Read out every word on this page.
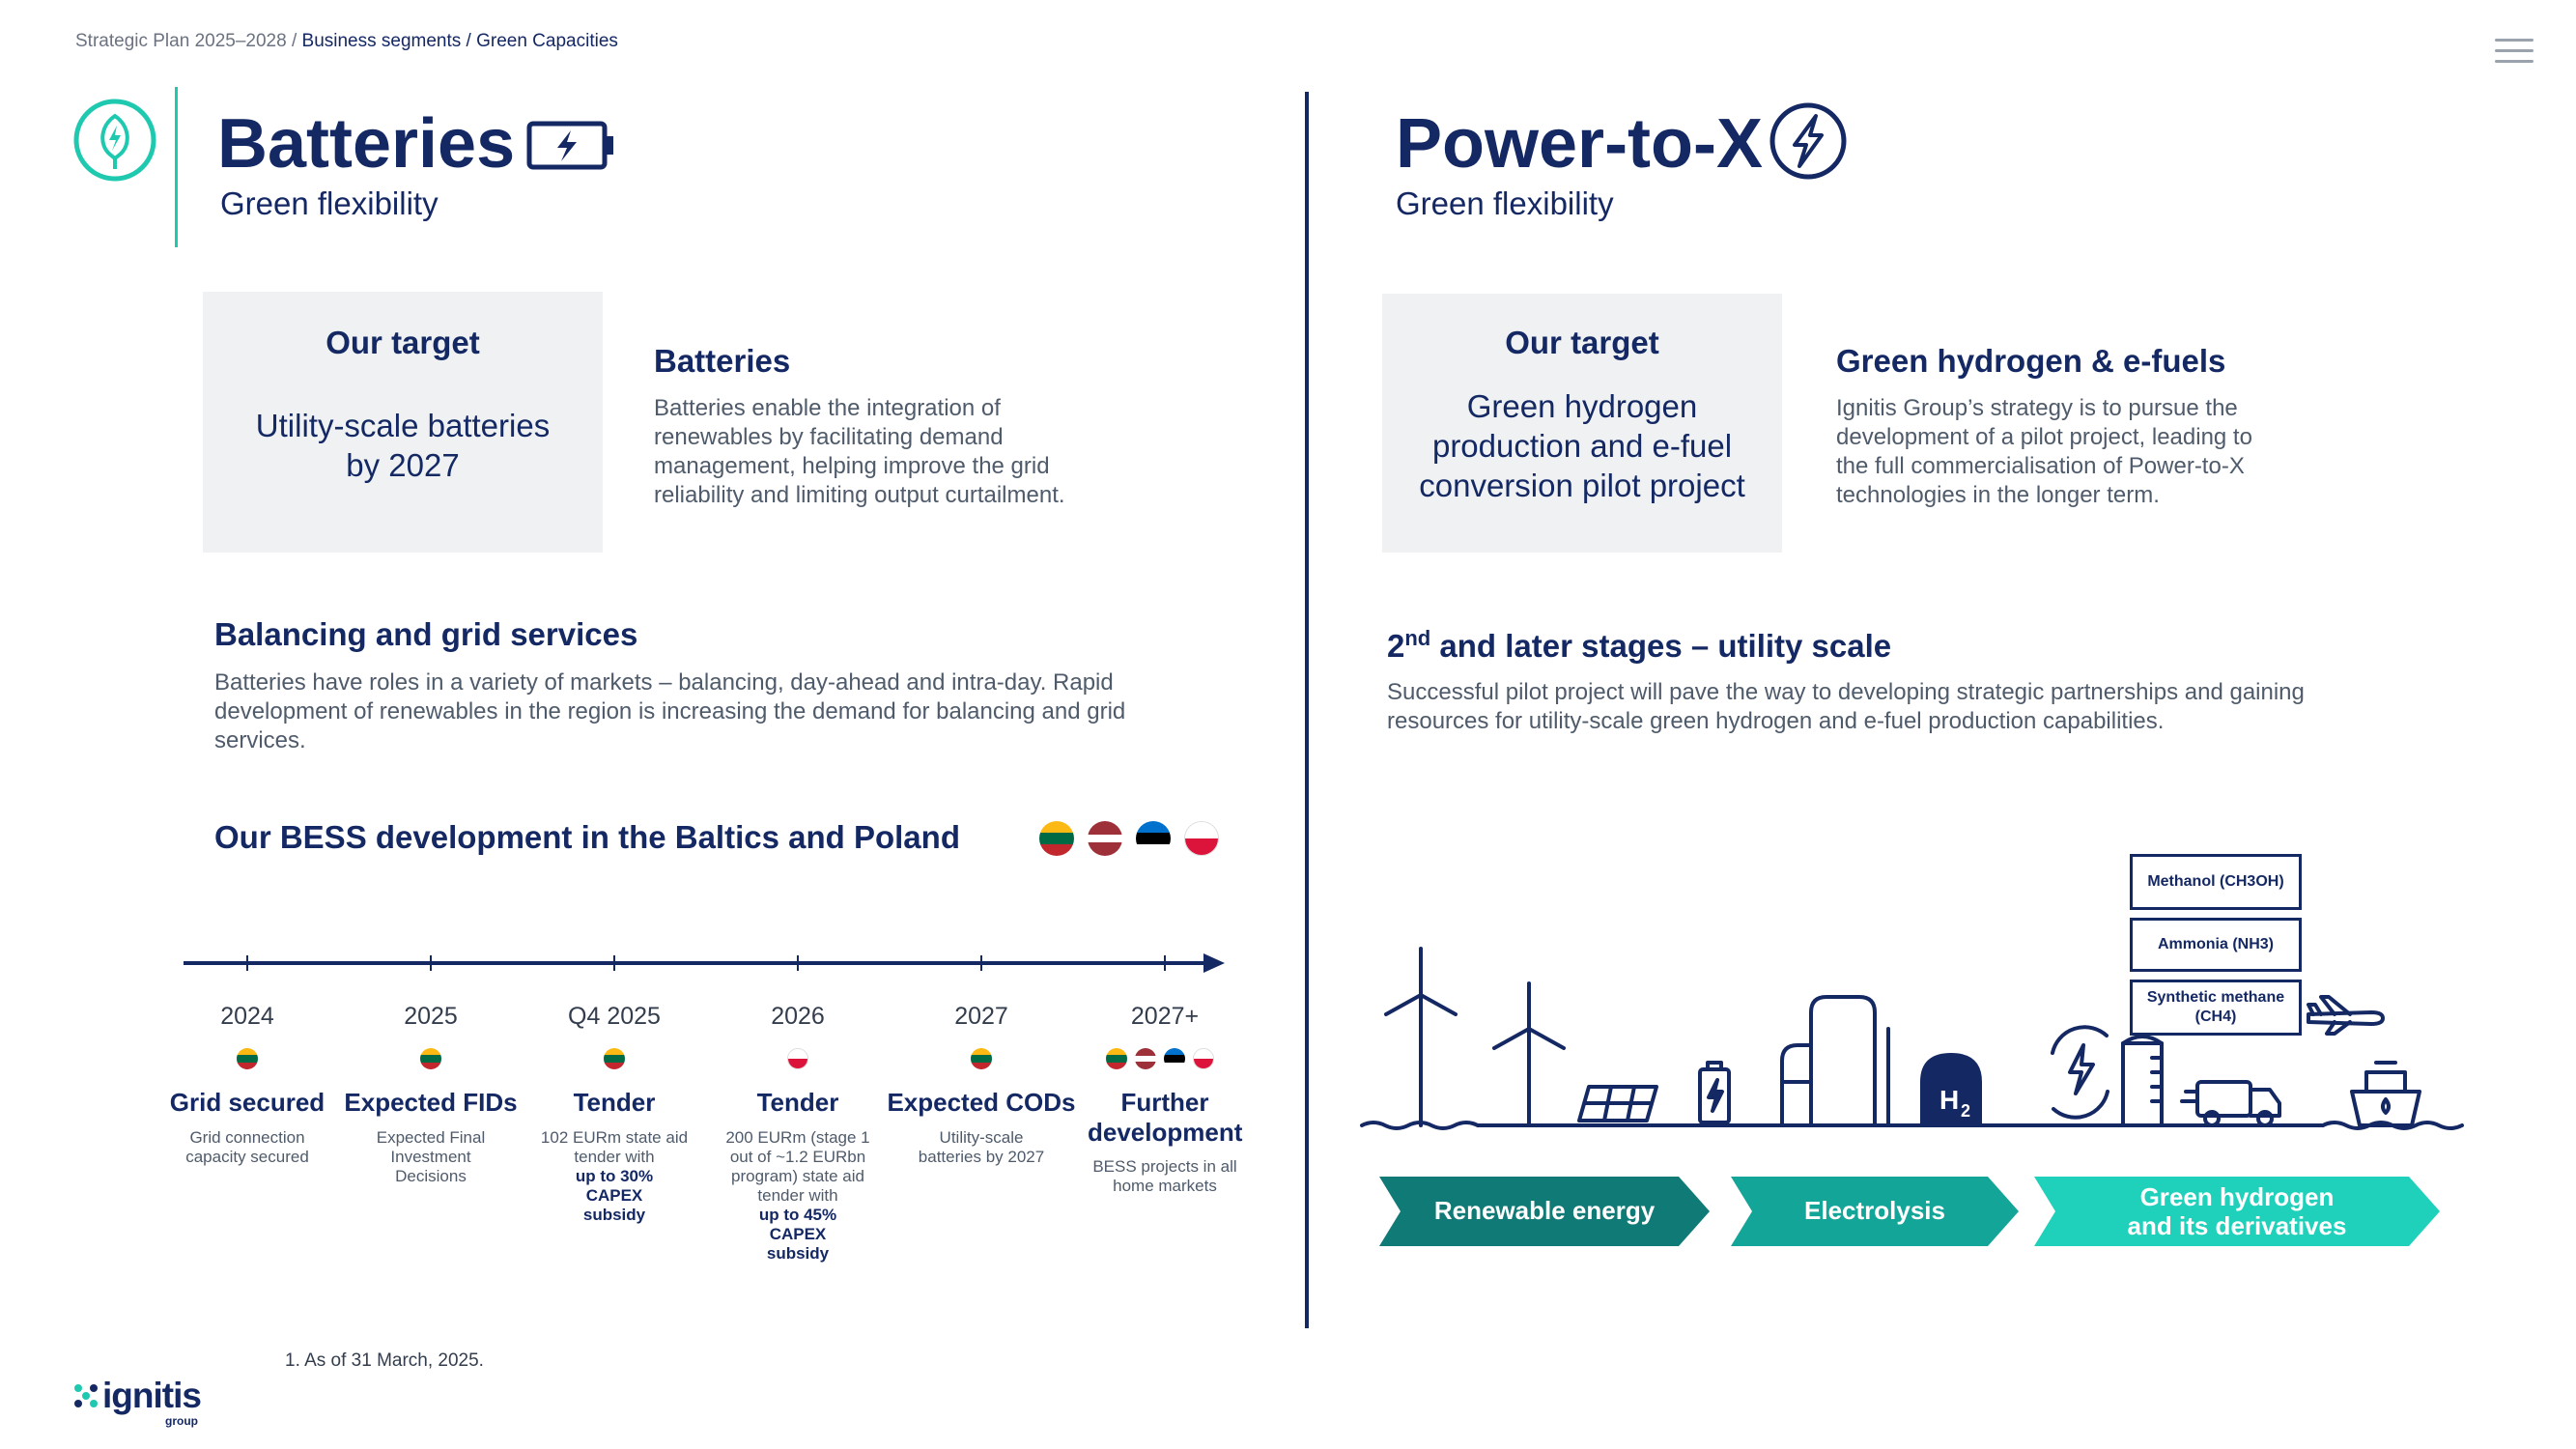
Strategic Plan 2025–2028 / Business segments / Green Capacities
Batteries
Green flexibility
Our target
Utility-scale batteries
by 2027
Batteries
Batteries enable the integration of renewables by facilitating demand management, helping improve the grid reliability and limiting output curtailment.
Balancing and grid services
Batteries have roles in a variety of markets – balancing, day-ahead and intra-day. Rapid development of renewables in the region is increasing the demand for balancing and grid services.
Our BESS development in the Baltics and Poland
2024
Grid secured
Grid connection capacity secured
2025
Expected FIDs
Expected Final Investment Decisions
Q4 2025
Tender
102 EURm state aid tender with
up to 30% CAPEX subsidy
2026
Tender
200 EURm (stage 1 out of ~1.2 EURbn program) state aid tender with
up to 45% CAPEX subsidy
2027
Expected CODs
Utility-scale batteries by 2027
2027+
Further development
BESS projects in all home markets
1. As of 31 March, 2025.
ignitis
group
Power-to-X
Green flexibility
Our target
Green hydrogen
production and e-fuel
conversion pilot project
Green hydrogen & e-fuels
Ignitis Group’s strategy is to pursue the development of a pilot project, leading to the full commercialisation of Power-to-X technologies in the longer term.
2nd and later stages – utility scale
Successful pilot project will pave the way to developing strategic partnerships and gaining resources for utility-scale green hydrogen and e-fuel production capabilities.
Methanol (CH3OH)
Ammonia (NH3)
Synthetic methane (CH4)
H 2
Renewable energy	Electrolysis	Green hydrogen
and its derivatives
